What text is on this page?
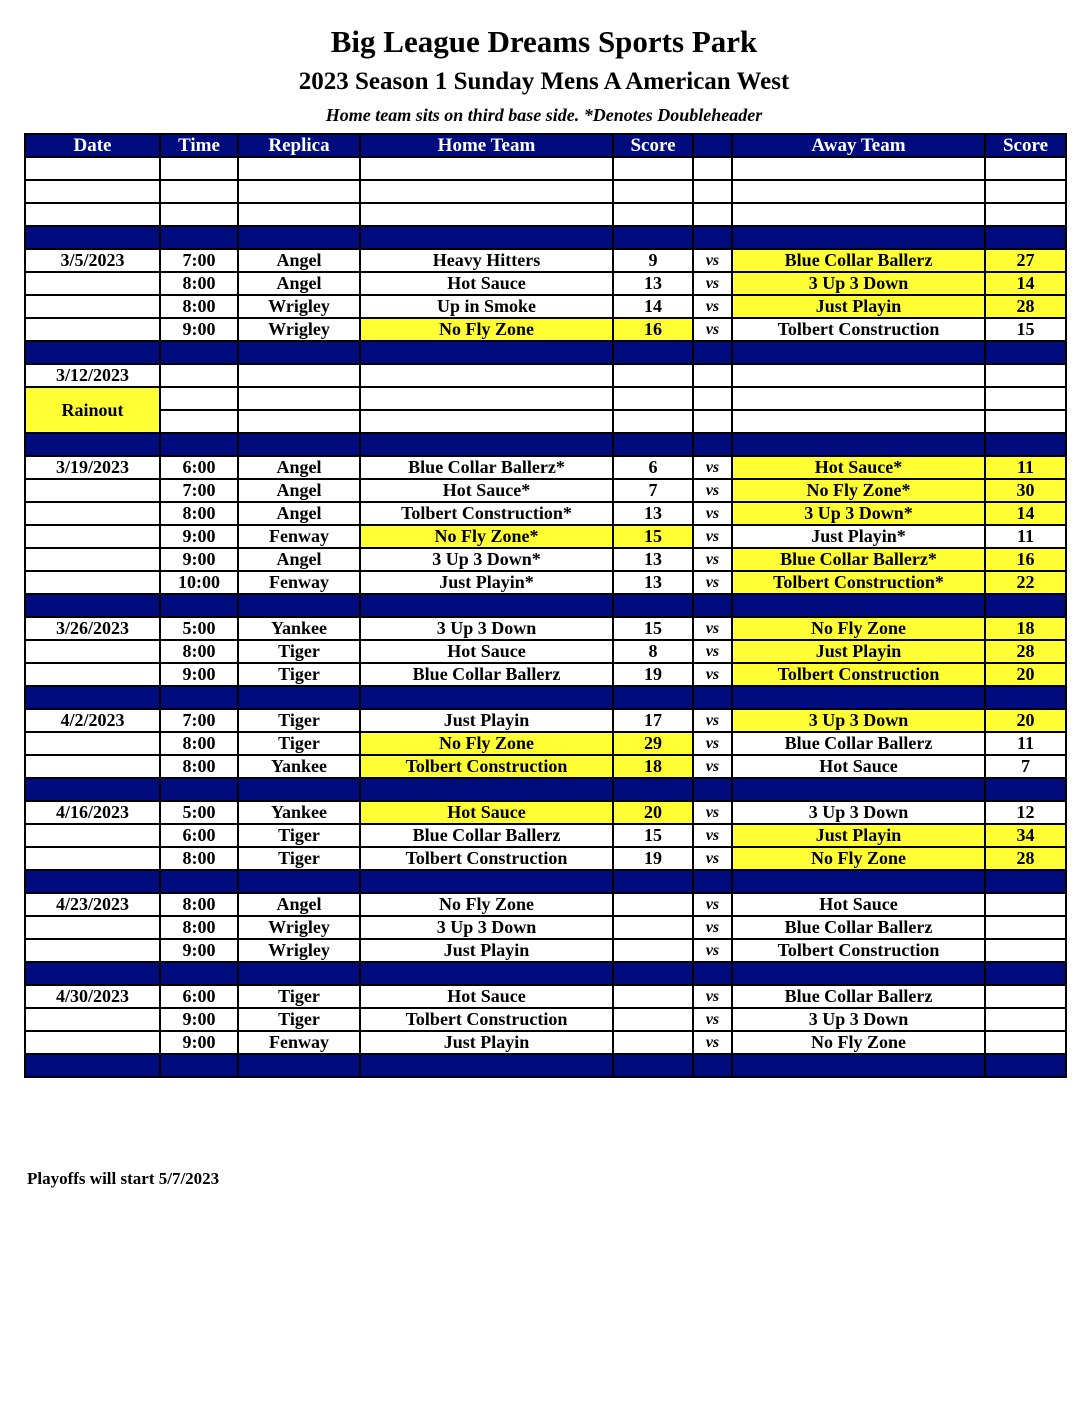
Big League Dreams Sports Park
2023 Season 1 Sunday Mens A American West
Home team sits on third base side. *Denotes Doubleheader
Date	Time	Replica	Home Team	Score		Away Team	Score

3/5/2023	7:00	Angel	Heavy Hitters	9	vs	Blue Collar Ballerz	27
	8:00	Angel	Hot Sauce	13	vs	3 Up 3 Down	14
	8:00	Wrigley	Up in Smoke	14	vs	Just Playin	28
	9:00	Wrigley	No Fly Zone	16	vs	Tolbert Construction	15

3/12/2023							
Rainout							

3/19/2023	6:00	Angel	Blue Collar Ballerz*	6	vs	Hot Sauce*	11
	7:00	Angel	Hot Sauce*	7	vs	No Fly Zone*	30
	8:00	Angel	Tolbert Construction*	13	vs	3 Up 3 Down*	14
	9:00	Fenway	No Fly Zone*	15	vs	Just Playin*	11
	9:00	Angel	3 Up 3 Down*	13	vs	Blue Collar Ballerz*	16
	10:00	Fenway	Just Playin*	13	vs	Tolbert Construction*	22

3/26/2023	5:00	Yankee	3 Up 3 Down	15	vs	No Fly Zone	18
	8:00	Tiger	Hot Sauce	8	vs	Just Playin	28
	9:00	Tiger	Blue Collar Ballerz	19	vs	Tolbert Construction	20

4/2/2023	7:00	Tiger	Just Playin	17	vs	3 Up 3 Down	20
	8:00	Tiger	No Fly Zone	29	vs	Blue Collar Ballerz	11
	8:00	Yankee	Tolbert Construction	18	vs	Hot Sauce	7

4/16/2023	5:00	Yankee	Hot Sauce	20	vs	3 Up 3 Down	12
	6:00	Tiger	Blue Collar Ballerz	15	vs	Just Playin	34
	8:00	Tiger	Tolbert Construction	19	vs	No Fly Zone	28

4/23/2023	8:00	Angel	No Fly Zone		vs	Hot Sauce	
	8:00	Wrigley	3 Up 3 Down		vs	Blue Collar Ballerz	
	9:00	Wrigley	Just Playin		vs	Tolbert Construction	

4/30/2023	6:00	Tiger	Hot Sauce		vs	Blue Collar Ballerz	
	9:00	Tiger	Tolbert Construction		vs	3 Up 3 Down	
	9:00	Fenway	Just Playin		vs	No Fly Zone	

Playoffs will start 5/7/2023
